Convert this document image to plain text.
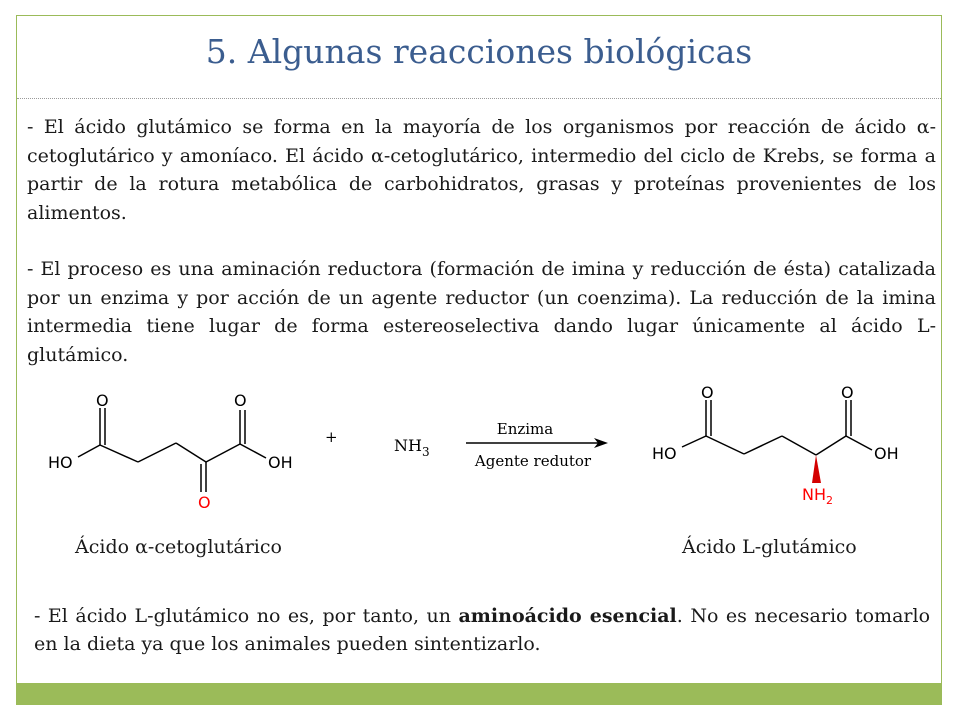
5. Algunas reacciones biológicas
- El ácido glutámico se forma en la mayoría de los organismos por reacción de ácido α-cetoglutárico y amoníaco. El ácido α-cetoglutárico, intermedio del ciclo de Krebs, se forma a partir de la rotura metabólica de carbohidratos, grasas y proteínas provenientes de los alimentos.
- El proceso es una aminación reductora (formación de imina y reducción de ésta) catalizada por un enzima y por acción de un agente reductor (un coenzima). La reducción de la imina intermedia tiene lugar de forma estereoselectiva dando lugar únicamente al ácido L-glutámico.
O
HO
O
OH
O
+	$NH_3$
Enzima
Agente redutor
O
HO
O
OH
$NH_2$
Ácido α-cetoglutárico	Ácido L-glutámico
- El ácido L-glutámico no es, por tanto, un aminoácido esencial. No es necesario tomarlo en la dieta ya que los animales pueden sintentizarlo.
